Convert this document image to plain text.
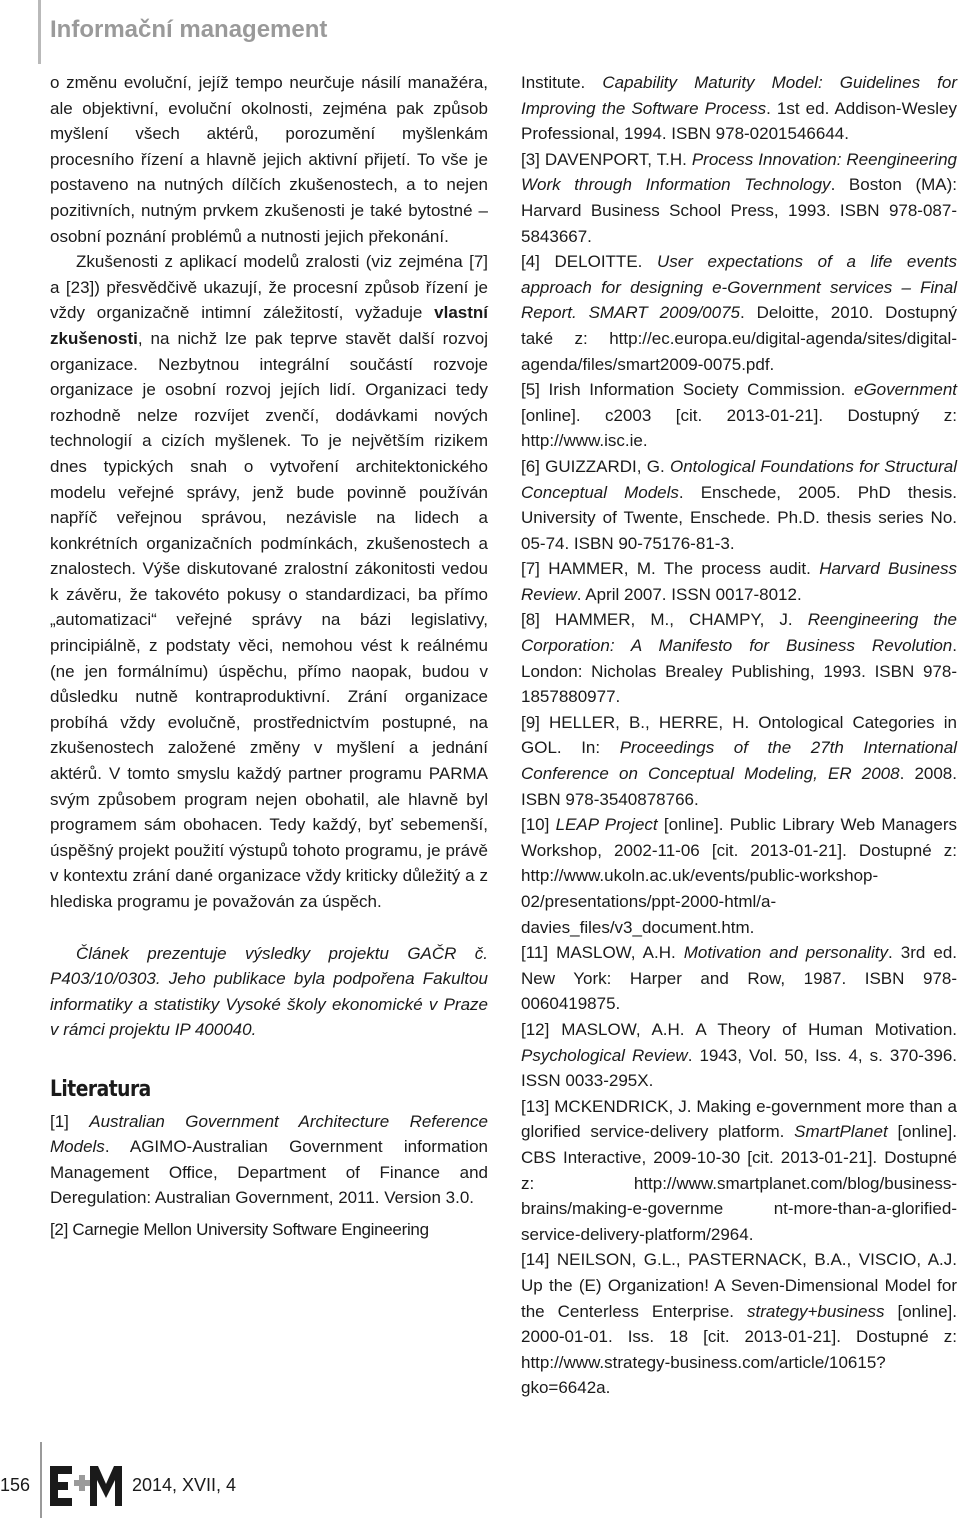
Informační management

o změnu evoluční, jejíž tempo neurčuje násilí manažéra, ale objektivní, evoluční okolnosti, zejména pak způsob myšlení všech aktérů, porozumění myšlenkám procesního řízení a hlavně jejich aktivní přijetí. To vše je postaveno na nutných dílčích zkušenostech, a to nejen pozitivních, nutným prvkem zkušenosti je také bytostné – osobní poznání problémů a nutnosti jejich překonání.

Zkušenosti z aplikací modelů zralosti (viz zejména [7] a [23]) přesvědčivě ukazují, že procesní způsob řízení je vždy organizačně intimní záležitostí, vyžaduje vlastní zkušenosti, na nichž lze pak teprve stavět další rozvoj organizace. Nezbytnou integrální součástí rozvoje organizace je osobní rozvoj jejích lidí. Organizaci tedy rozhodně nelze rozvíjet zvenčí, dodávkami nových technologií a cizích myšlenek. To je největším rizikem dnes typických snah o vytvoření architektonického modelu veřejné správy, jenž bude povinně používán napříč veřejnou správou, nezávisle na lidech a konkrétních organizačních podmínkách, zkušenostech a znalostech. Výše diskutované zralostní zákonitosti vedou k závěru, že takovéto pokusy o standardizaci, ba přímo „automatizaci“ veřejné správy na bázi legislativy, principiálně, z podstaty věci, nemohou vést k reálnému (ne jen formálnímu) úspěchu, přímo naopak, budou v důsledku nutně kontraproduktivní. Zrání organizace probíhá vždy evolučně, prostřednictvím postupné, na zkušenostech založené změny v myšlení a jednání aktérů. V tomto smyslu každý partner programu PARMA svým způsobem program nejen obohatil, ale hlavně byl programem sám obohacen. Tedy každý, byť sebemenší, úspěšný projekt použití výstupů tohoto programu, je právě v kontextu zrání dané organizace vždy kriticky důležitý a z hlediska programu je považován za úspěch.

Článek prezentuje výsledky projektu GAČR č. P403/10/0303. Jeho publikace byla podpořena Fakultou informatiky a statistiky Vysoké školy ekonomické v Praze v rámci projektu IP 400040.

Literatura

[1] Australian Government Architecture Reference Models. AGIMO-Australian Government information Management Office, Department of Finance and Deregulation: Australian Government, 2011. Version 3.0.

[2] Carnegie Mellon University Software Engineering

Institute. Capability Maturity Model: Guidelines for Improving the Software Process. 1st ed. Addison-Wesley Professional, 1994. ISBN 978-0201546644.

[3] DAVENPORT, T.H. Process Innovation: Reengineering Work through Information Technology. Boston (MA): Harvard Business School Press, 1993. ISBN 978-087-5843667.

[4] DELOITTE. User expectations of a life events approach for designing e-Government services – Final Report. SMART 2009/0075. Deloitte, 2010. Dostupný také z: http://ec.europa.eu/digital-agenda/sites/digital-agenda/files/smart2009-0075.pdf.

[5] Irish Information Society Commission. eGovernment [online]. c2003 [cit. 2013-01-21]. Dostupný z: http://www.isc.ie.

[6] GUIZZARDI, G. Ontological Foundations for Structural Conceptual Models. Enschede, 2005. PhD thesis. University of Twente, Enschede. Ph.D. thesis series No. 05-74. ISBN 90-75176-81-3.

[7] HAMMER, M. The process audit. Harvard Business Review. April 2007. ISSN 0017-8012.

[8] HAMMER, M., CHAMPY, J. Reengineering the Corporation: A Manifesto for Business Revolution. London: Nicholas Brealey Publishing, 1993. ISBN 978-1857880977.

[9] HELLER, B., HERRE, H. Ontological Categories in GOL. In: Proceedings of the 27th International Conference on Conceptual Modeling, ER 2008. 2008. ISBN 978-3540878766.

[10] LEAP Project [online]. Public Library Web Managers Workshop, 2002-11-06 [cit. 2013-01-21]. Dostupné z: http://www.ukoln.ac.uk/events/public-workshop-02/presentations/ppt-2000-html/a-davies_files/v3_document.htm.

[11] MASLOW, A.H. Motivation and personality. 3rd ed. New York: Harper and Row, 1987. ISBN 978-0060419875.

[12] MASLOW, A.H. A Theory of Human Motivation. Psychological Review. 1943, Vol. 50, Iss. 4, s. 370-396. ISSN 0033-295X.

[13] MCKENDRICK, J. Making e-government more than a glorified service-delivery platform. SmartPlanet [online]. CBS Interactive, 2009-10-30 [cit. 2013-01-21]. Dostupné z: http://www.smartplanet.com/blog/business-brains/making-e-governme nt-more-than-a-glorified-service-delivery-platform/2964.

[14] NEILSON, G.L., PASTERNACK, B.A., VISCIO, A.J. Up the (E) Organization! A Seven-Dimensional Model for the Centerless Enterprise. strategy+business [online]. 2000-01-01. Iss. 18 [cit. 2013-01-21]. Dostupné z: http://www.strategy-business.com/article/10615?gko=6642a.

156	2014, XVII, 4
